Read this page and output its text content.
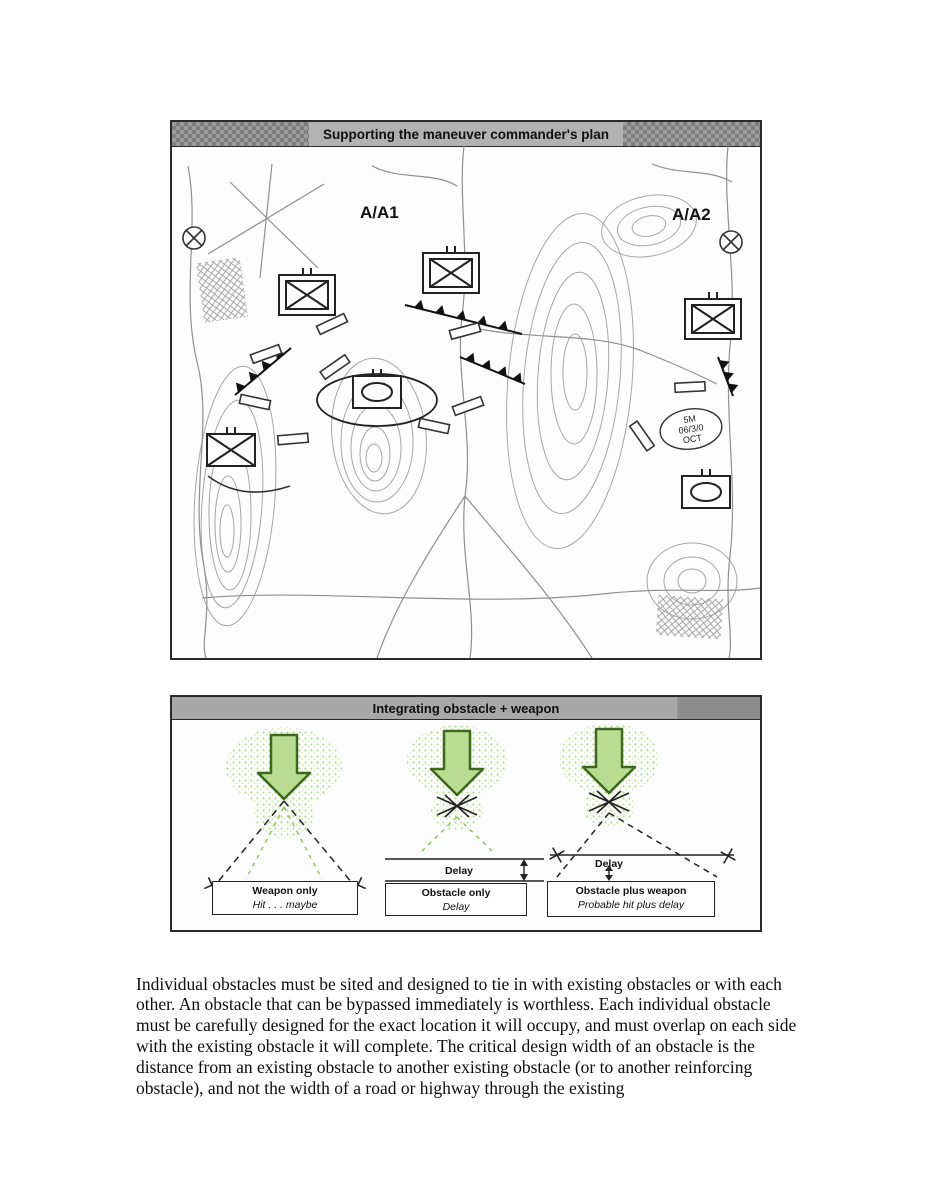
Supporting the maneuver commander's plan
5M
06/3/0
OCT
A/A1	A/A2
Integrating obstacle + weapon
Delay
Delay
Weapon only
Hit . . . maybe
Obstacle only
Delay
Obstacle plus weapon
Probable hit plus delay

Individual obstacles must be sited and designed to tie in with existing obstacles or with each other. An obstacle that can be bypassed immediately is worthless. Each individual obstacle must be carefully designed for the exact location it will occupy, and must overlap on each side with the existing obstacle it will complete. The critical design width of an obstacle is the distance from an existing obstacle to another existing obstacle (or to another reinforcing obstacle), and not the width of a road or highway through the existing
